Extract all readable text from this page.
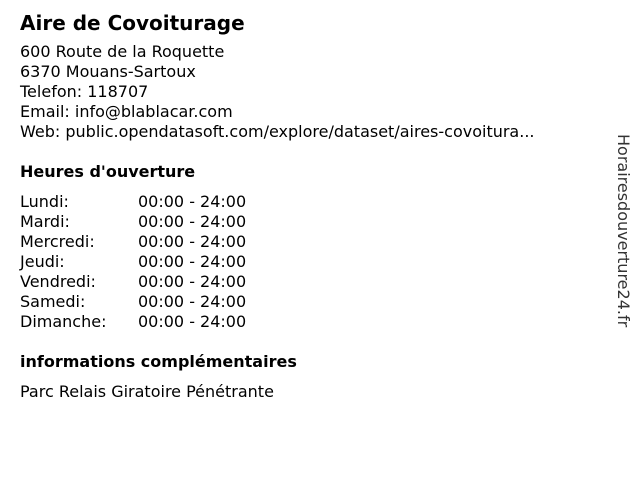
Aire de Covoiturage
600 Route de la Roquette
6370 Mouans-Sartoux
Telefon: 118707
Email: info@blablacar.com
Web: public.opendatasoft.com/explore/dataset/aires-covoitura...
Heures d'ouverture
Lundi:	00:00 - 24:00
Mardi:	00:00 - 24:00
Mercredi:	00:00 - 24:00
Jeudi:	00:00 - 24:00
Vendredi:	00:00 - 24:00
Samedi:	00:00 - 24:00
Dimanche:	00:00 - 24:00
informations complémentaires
Parc Relais Giratoire Pénétrante
Horairesdouverture24.fr
